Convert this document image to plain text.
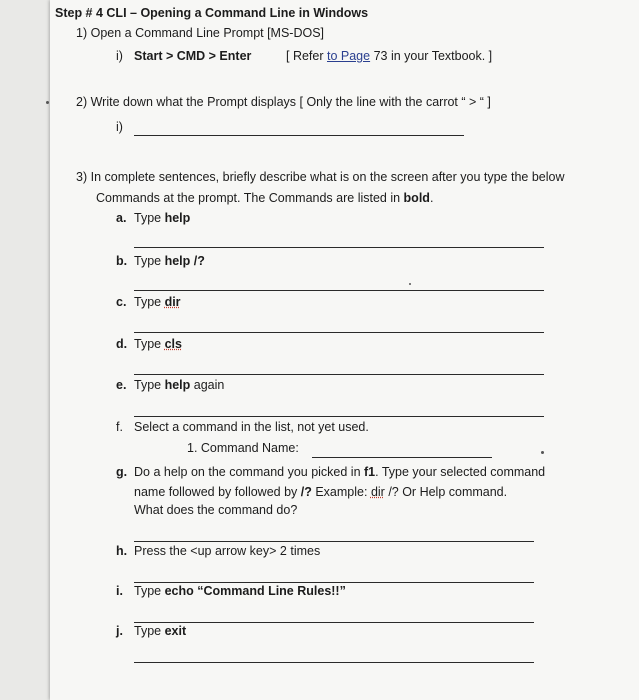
Step # 4 CLI – Opening a Command Line in Windows
1) Open a Command Line Prompt [MS-DOS]
i) Start > CMD > Enter	[ Refer to Page 73 in your Textbook. ]
2) Write down what the Prompt displays [ Only the line with the carrot “ > “ ]
i)
3) In complete sentences, briefly describe what is on the screen after you type the below
Commands at the prompt. The Commands are listed in bold.
a. Type help
b. Type help /?
c. Type dir
d. Type cls
e. Type help again
f. Select a command in the list, not yet used.
1. Command Name:
g. Do a help on the command you picked in f1. Type your selected command
name followed by followed by /? Example: dir /? Or Help command.
What does the command do?
h. Press the <up arrow key> 2 times
i. Type echo “Command Line Rules!!”
j. Type exit
